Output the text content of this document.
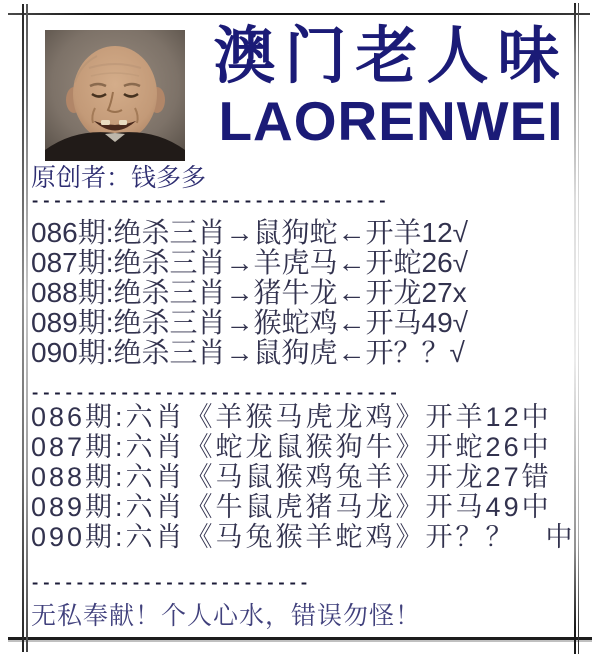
澳门老人味
LAORENWEI
原创者：钱多多
--------------------------------
086期:绝杀三肖→鼠狗蛇←开羊12√
087期:绝杀三肖→羊虎马←开蛇26√
088期:绝杀三肖→猪牛龙←开龙27x
089期:绝杀三肖→猴蛇鸡←开马49√
090期:绝杀三肖→鼠狗虎←开？？√
---------------------------------
086期:六肖《羊猴马虎龙鸡》开羊12中
087期:六肖《蛇龙鼠猴狗牛》开蛇26中
088期:六肖《马鼠猴鸡兔羊》开龙27错
089期:六肖《牛鼠虎猪马龙》开马49中
090期:六肖《马兔猴羊蛇鸡》开？？　中
-------------------------
无私奉献！个人心水，错误勿怪！
